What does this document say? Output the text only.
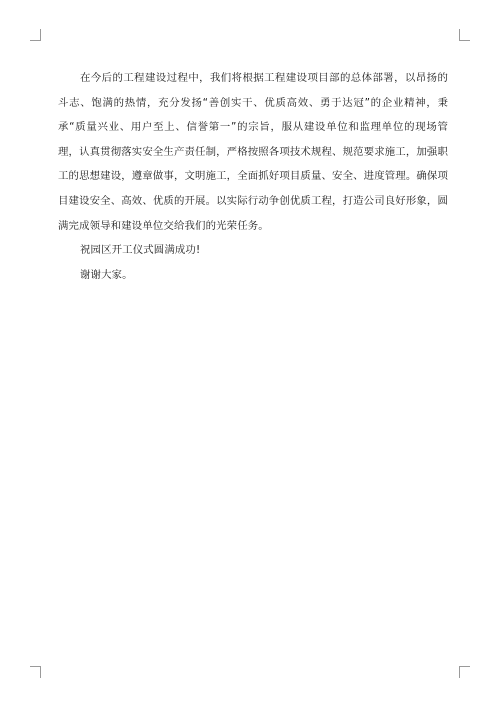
在今后的工程建设过程中，我们将根据工程建设项目部的总体部署，以昂扬的斗志、饱满的热情，充分发扬“善创实干、优质高效、勇于达冠”的企业精神，秉承“质量兴业、用户至上、信誉第一”的宗旨，服从建设单位和监理单位的现场管理，认真贯彻落实安全生产责任制，严格按照各项技术规程、规范要求施工，加强职工的思想建设，遵章做事，文明施工，全面抓好项目质量、安全、进度管理。确保项目建设安全、高效、优质的开展。以实际行动争创优质工程，打造公司良好形象，圆满完成领导和建设单位交给我们的光荣任务。

祝园区开工仪式圆满成功!

谢谢大家。
